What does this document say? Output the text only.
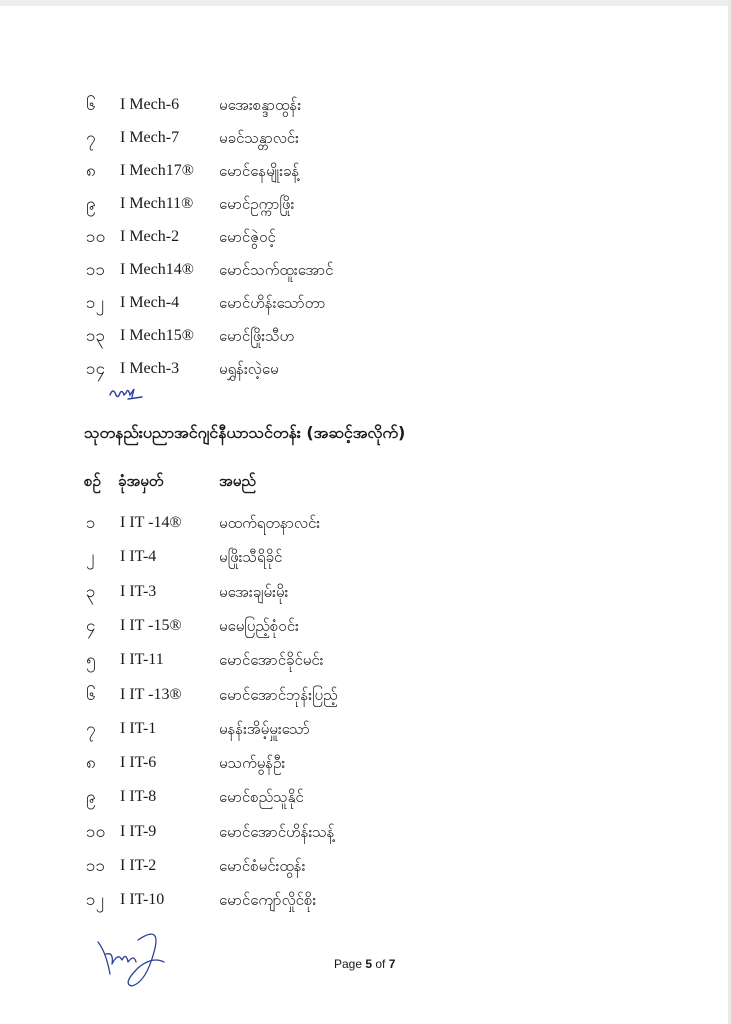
၆ I Mech-6	မအေးစန္ဒာထွန်း
၇ I Mech-7	မခင်သန္တာလင်း
၈ I Mech17® မောင်နေမျိုးခန့်
၉ I Mech11® မောင်ဥက္ကာဖြိုး
၁၀ I Mech-2	မောင်ဇွဲဝင့်
၁၁ I Mech14® မောင်သက်ထူးအောင်
၁၂ I Mech-4	မောင်ဟိန်းသော်တာ
၁၃ I Mech15® မောင်ဖြိုးသီဟ
၁၄ I Mech-3	မရွှန်းလဲ့မေ
သုတနည်းပညာအင်ဂျင်နီယာသင်တန်း (အဆင့်အလိုက်)
စဥ် ခုံအမှတ်	အမည်
၁ I IT -14® မထက်ရတနာလင်း
၂ I IT-4	မဖြိုးသီရိခိုင်
၃ I IT-3	မအေးချမ်းမိုး
၄ I IT -15® မမေပြည့်စုံဝင်း
၅ I IT-11	မောင်အောင်ခိုင်မင်း
၆ I IT -13® မောင်အောင်ဘုန်းပြည့်
၇ I IT-1	မနန်းအိမ့်မှူးသော်
၈ I IT-6	မသက်မွန်ဦး
၉ I IT-8	မောင်စည်သူနိုင်
၁၀ I IT-9	မောင်အောင်ဟိန်းသန့်
၁၁ I IT-2	မောင်စံမင်းထွန်း
၁၂ I IT-10	မောင်ကျော်လှိုင်စိုး
Page 5 of 7
